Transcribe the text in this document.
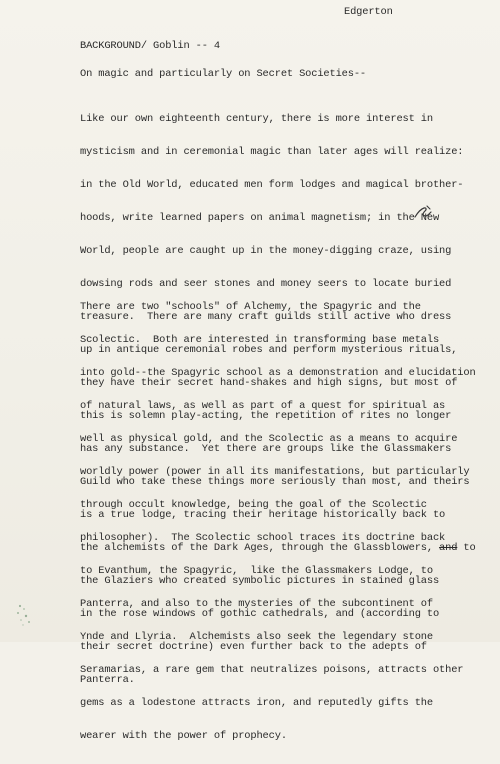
Edgerton
BACKGROUND/ Goblin -- 4
On magic and particularly on Secret Societies--

Like our own eighteenth century, there is more interest in

mysticism and in ceremonial magic than later ages will realize:

in the Old World, educated men form lodges and magical brother-

hoods, write learned papers on animal magnetism; in the New

World, people are caught up in the money-digging craze, using

dowsing rods and seer stones and money seers to locate buried

treasure.  There are many craft guilds still active who dress

up in antique ceremonial robes and perform mysterious rituals,

they have their secret hand-shakes and high signs, but most of

this is solemn play-acting, the repetition of rites no longer

has any substance.  Yet there are groups like the Glassmakers

Guild who take these things more seriously than most, and theirs

is a true lodge, tracing their heritage historically back to

the alchemists of the Dark Ages, through the Glassblowers, and to

the Glaziers who created symbolic pictures in stained glass

in the rose windows of gothic cathedrals, and (according to

their secret doctrine) even further back to the adepts of

Panterra.

There are two "schools" of Alchemy, the Spagyric and the

Scolectic.  Both are interested in transforming base metals

into gold--the Spagyric school as a demonstration and elucidation

of natural laws, as well as part of a quest for spiritual as

well as physical gold, and the Scolectic as a means to acquire

worldly power (power in all its manifestations, but particularly

through occult knowledge, being the goal of the Scolectic

philosopher).  The Scolectic school traces its doctrine back

to Evanthum, the Spagyric,  like the Glassmakers Lodge, to

Panterra, and also to the mysteries of the subcontinent of

Ynde and Llyria.  Alchemists also seek the legendary stone

Seramarias, a rare gem that neutralizes poisons, attracts other

gems as a lodestone attracts iron, and reputedly gifts the

wearer with the power of prophecy.
